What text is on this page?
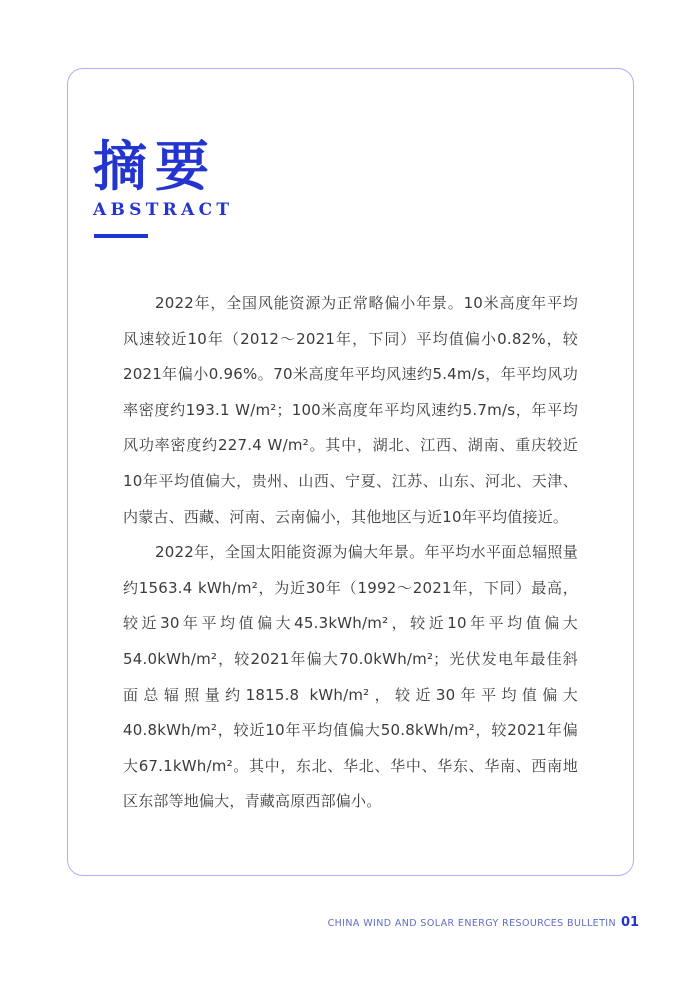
摘要
ABSTRACT

2022年，全国风能资源为正常略偏小年景。10米高度年平均风速较近10年（2012～2021年，下同）平均值偏小0.82%，较2021年偏小0.96%。70米高度年平均风速约5.4m/s，年平均风功率密度约193.1 W/m²；100米高度年平均风速约5.7m/s，年平均风功率密度约227.4 W/m²。其中，湖北、江西、湖南、重庆较近10年平均值偏大，贵州、山西、宁夏、江苏、山东、河北、天津、内蒙古、西藏、河南、云南偏小，其他地区与近10年平均值接近。

2022年，全国太阳能资源为偏大年景。年平均水平面总辐照量约1563.4 kWh/m²，为近30年（1992～2021年，下同）最高，较近30年平均值偏大45.3kWh/m²，较近10年平均值偏大54.0kWh/m²，较2021年偏大70.0kWh/m²；光伏发电年最佳斜面总辐照量约1815.8 kWh/m²，较近30年平均值偏大40.8kWh/m²，较近10年平均值偏大50.8kWh/m²，较2021年偏大67.1kWh/m²。其中，东北、华北、华中、华东、华南、西南地区东部等地偏大，青藏高原西部偏小。

CHINA WIND AND SOLAR ENERGY RESOURCES BULLETIN 01
